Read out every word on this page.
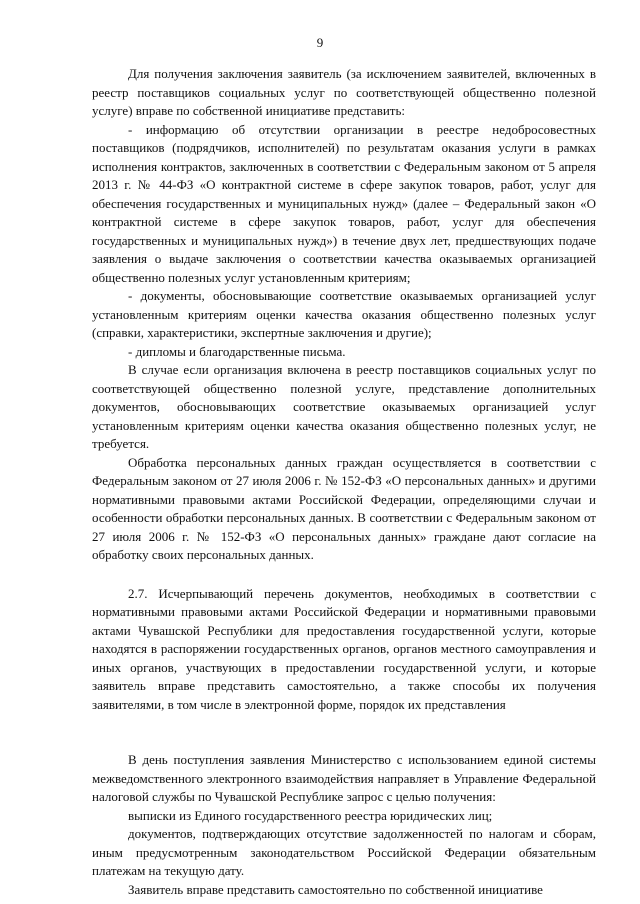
9

Для получения заключения заявитель (за исключением заявителей, включенных в реестр поставщиков социальных услуг по соответствующей общественно полезной услуге) вправе по собственной инициативе представить:

- информацию об отсутствии организации в реестре недобросовестных поставщиков (подрядчиков, исполнителей) по результатам оказания услуги в рамках исполнения контрактов, заключенных в соответствии с Федеральным законом от 5 апреля 2013 г. № 44-ФЗ «О контрактной системе в сфере закупок товаров, работ, услуг для обеспечения государственных и муниципальных нужд» (далее – Федеральный закон «О контрактной системе в сфере закупок товаров, работ, услуг для обеспечения государственных и муниципальных нужд») в течение двух лет, предшествующих подаче заявления о выдаче заключения о соответствии качества оказываемых организацией общественно полезных услуг установленным критериям;

- документы, обосновывающие соответствие оказываемых организацией услуг установленным критериям оценки качества оказания общественно полезных услуг (справки, характеристики, экспертные заключения и другие);

- дипломы и благодарственные письма.

В случае если организация включена в реестр поставщиков социальных услуг по соответствующей общественно полезной услуге, представление дополнительных документов, обосновывающих соответствие оказываемых организацией услуг установленным критериям оценки качества оказания общественно полезных услуг, не требуется.

Обработка персональных данных граждан осуществляется в соответствии с Федеральным законом от 27 июля 2006 г. № 152-ФЗ «О персональных данных» и другими нормативными правовыми актами Российской Федерации, определяющими случаи и особенности обработки персональных данных. В соответствии с Федеральным законом от 27 июля 2006 г. № 152-ФЗ «О персональных данных» граждане дают согласие на обработку своих персональных данных.

2.7. Исчерпывающий перечень документов, необходимых в соответствии с нормативными правовыми актами Российской Федерации и нормативными правовыми актами Чувашской Республики для предоставления государственной услуги, которые находятся в распоряжении государственных органов, органов местного самоуправления и иных органов, участвующих в предоставлении государственной услуги, и которые заявитель вправе представить самостоятельно, а также способы их получения заявителями, в том числе в электронной форме, порядок их представления

В день поступления заявления Министерство с использованием единой системы межведомственного электронного взаимодействия направляет в Управление Федеральной налоговой службы по Чувашской Республике запрос с целью получения:

выписки из Единого государственного реестра юридических лиц;

документов, подтверждающих отсутствие задолженностей по налогам и сборам, иным предусмотренным законодательством Российской Федерации обязательным платежам на текущую дату.

Заявитель вправе представить самостоятельно по собственной инициативе
